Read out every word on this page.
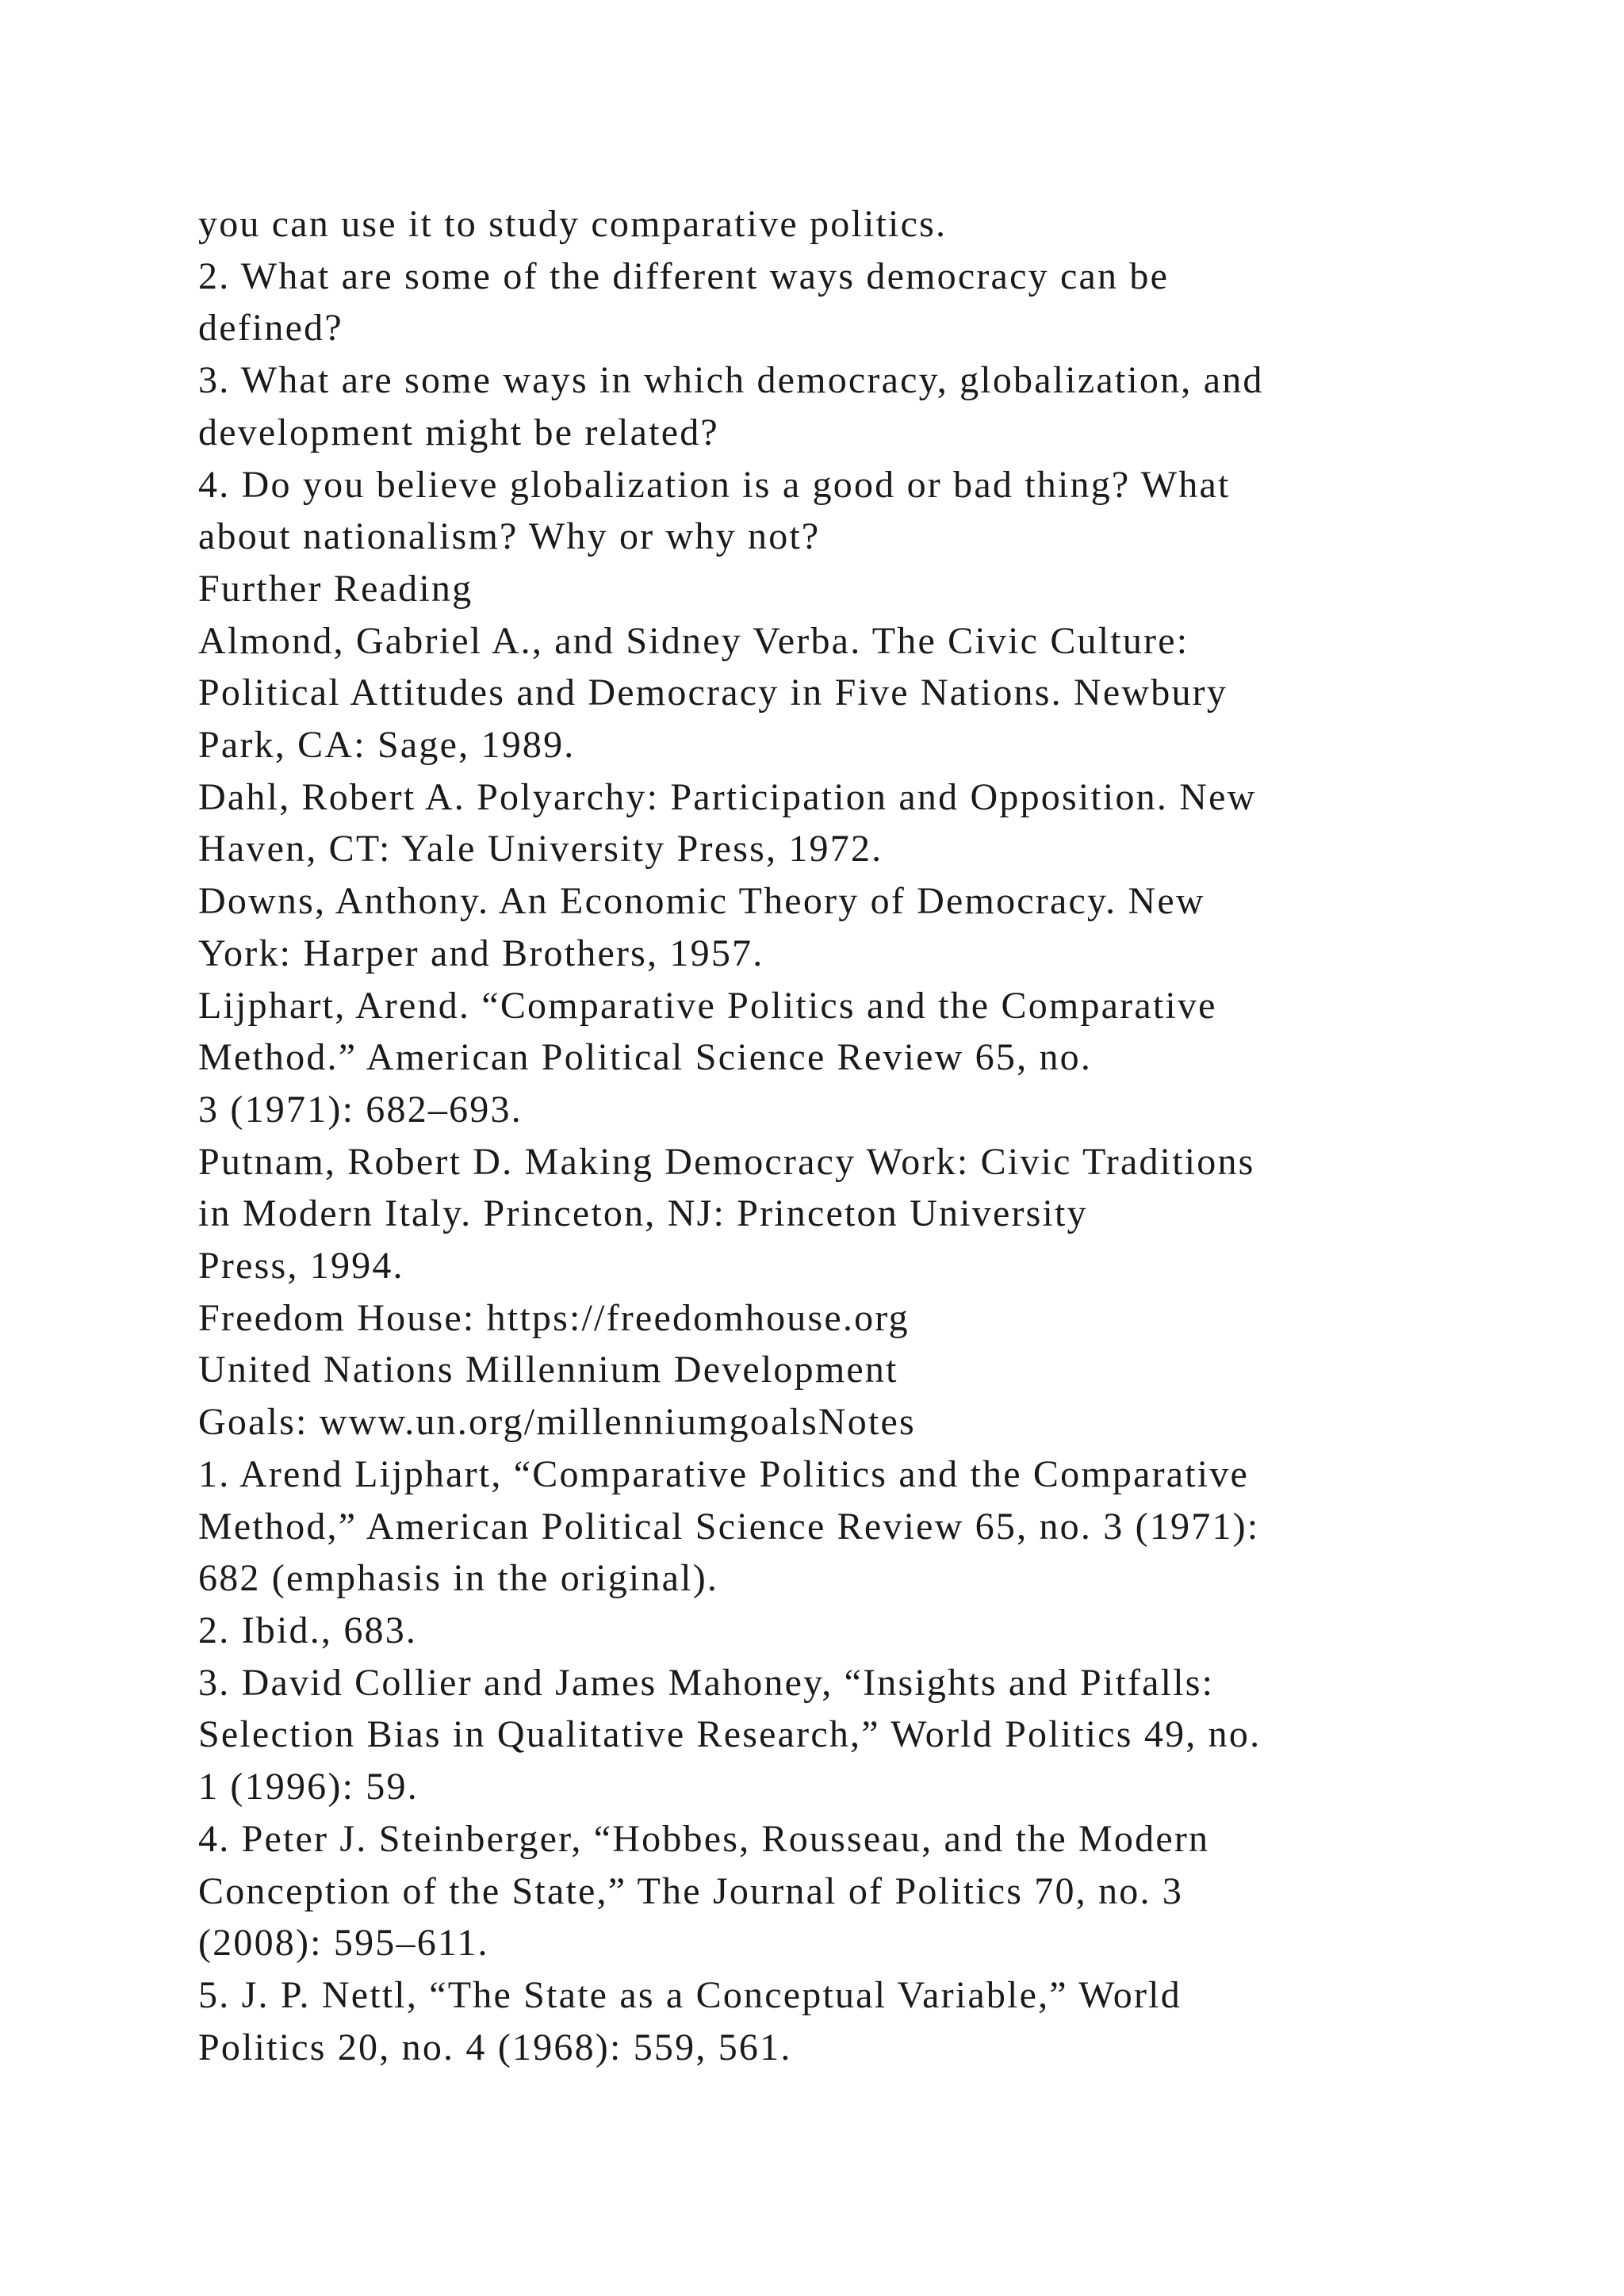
you can use it to study comparative politics.
2. What are some of the different ways democracy can be
defined?
3. What are some ways in which democracy, globalization, and
development might be related?
4. Do you believe globalization is a good or bad thing? What
about nationalism? Why or why not?
Further Reading
Almond, Gabriel A., and Sidney Verba. The Civic Culture:
Political Attitudes and Democracy in Five Nations. Newbury
Park, CA: Sage, 1989.
Dahl, Robert A. Polyarchy: Participation and Opposition. New
Haven, CT: Yale University Press, 1972.
Downs, Anthony. An Economic Theory of Democracy. New
York: Harper and Brothers, 1957.
Lijphart, Arend. “Comparative Politics and the Comparative
Method.” American Political Science Review 65, no.
3 (1971): 682–693.
Putnam, Robert D. Making Democracy Work: Civic Traditions
in Modern Italy. Princeton, NJ: Princeton University
Press, 1994.
Freedom House: https://freedomhouse.org
United Nations Millennium Development
Goals: www.un.org/millenniumgoalsNotes
1. Arend Lijphart, “Comparative Politics and the Comparative
Method,” American Political Science Review 65, no. 3 (1971):
682 (emphasis in the original).
2. Ibid., 683.
3. David Collier and James Mahoney, “Insights and Pitfalls:
Selection Bias in Qualitative Research,” World Politics 49, no.
1 (1996): 59.
4. Peter J. Steinberger, “Hobbes, Rousseau, and the Modern
Conception of the State,” The Journal of Politics 70, no. 3
(2008): 595–611.
5. J. P. Nettl, “The State as a Conceptual Variable,” World
Politics 20, no. 4 (1968): 559, 561.
